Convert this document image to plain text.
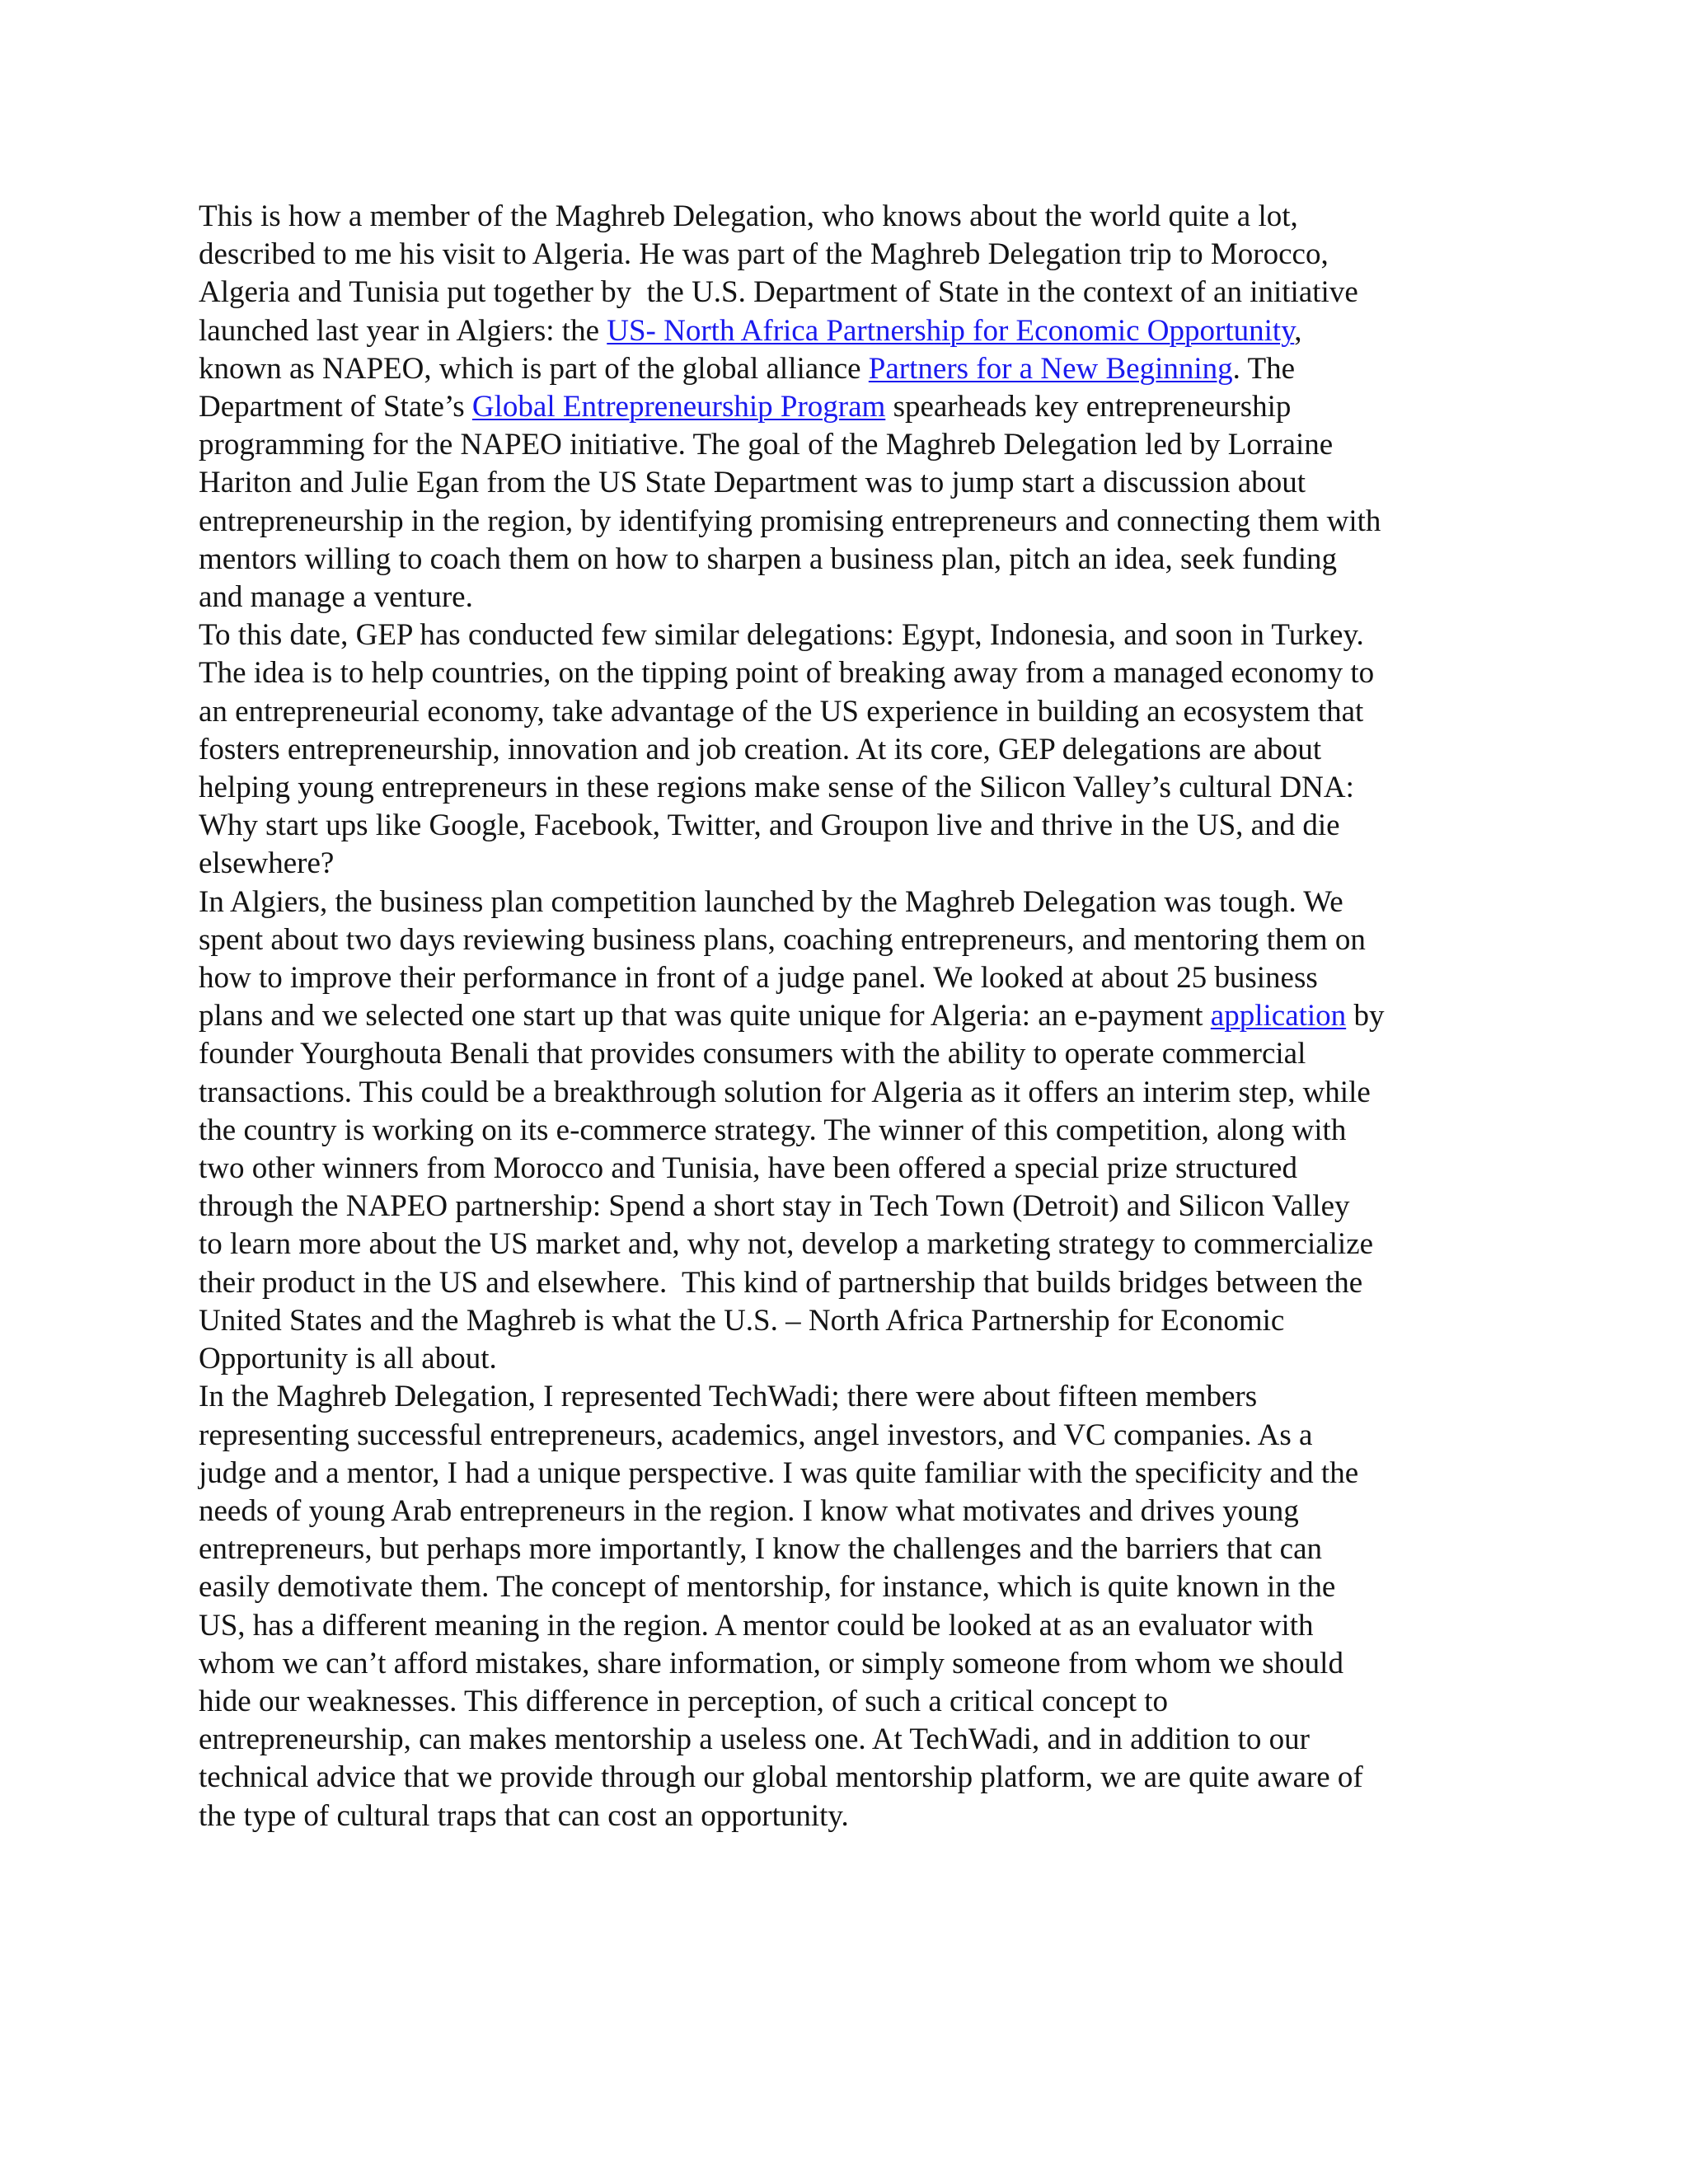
This is how a member of the Maghreb Delegation, who knows about the world quite a lot,
described to me his visit to Algeria. He was part of the Maghreb Delegation trip to Morocco,
Algeria and Tunisia put together by  the U.S. Department of State in the context of an initiative
launched last year in Algiers: the US- North Africa Partnership for Economic Opportunity,
known as NAPEO, which is part of the global alliance Partners for a New Beginning. The
Department of State’s Global Entrepreneurship Program spearheads key entrepreneurship
programming for the NAPEO initiative. The goal of the Maghreb Delegation led by Lorraine
Hariton and Julie Egan from the US State Department was to jump start a discussion about
entrepreneurship in the region, by identifying promising entrepreneurs and connecting them with
mentors willing to coach them on how to sharpen a business plan, pitch an idea, seek funding
and manage a venture.

To this date, GEP has conducted few similar delegations: Egypt, Indonesia, and soon in Turkey.
The idea is to help countries, on the tipping point of breaking away from a managed economy to
an entrepreneurial economy, take advantage of the US experience in building an ecosystem that
fosters entrepreneurship, innovation and job creation. At its core, GEP delegations are about
helping young entrepreneurs in these regions make sense of the Silicon Valley’s cultural DNA:
Why start ups like Google, Facebook, Twitter, and Groupon live and thrive in the US, and die
elsewhere?

In Algiers, the business plan competition launched by the Maghreb Delegation was tough. We
spent about two days reviewing business plans, coaching entrepreneurs, and mentoring them on
how to improve their performance in front of a judge panel. We looked at about 25 business
plans and we selected one start up that was quite unique for Algeria: an e-payment application by
founder Yourghouta Benali that provides consumers with the ability to operate commercial
transactions. This could be a breakthrough solution for Algeria as it offers an interim step, while
the country is working on its e-commerce strategy. The winner of this competition, along with
two other winners from Morocco and Tunisia, have been offered a special prize structured
through the NAPEO partnership: Spend a short stay in Tech Town (Detroit) and Silicon Valley
to learn more about the US market and, why not, develop a marketing strategy to commercialize
their product in the US and elsewhere.  This kind of partnership that builds bridges between the
United States and the Maghreb is what the U.S. – North Africa Partnership for Economic
Opportunity is all about.

In the Maghreb Delegation, I represented TechWadi; there were about fifteen members
representing successful entrepreneurs, academics, angel investors, and VC companies. As a
judge and a mentor, I had a unique perspective. I was quite familiar with the specificity and the
needs of young Arab entrepreneurs in the region. I know what motivates and drives young
entrepreneurs, but perhaps more importantly, I know the challenges and the barriers that can
easily demotivate them. The concept of mentorship, for instance, which is quite known in the
US, has a different meaning in the region. A mentor could be looked at as an evaluator with
whom we can’t afford mistakes, share information, or simply someone from whom we should
hide our weaknesses. This difference in perception, of such a critical concept to
entrepreneurship, can makes mentorship a useless one. At TechWadi, and in addition to our
technical advice that we provide through our global mentorship platform, we are quite aware of
the type of cultural traps that can cost an opportunity.
